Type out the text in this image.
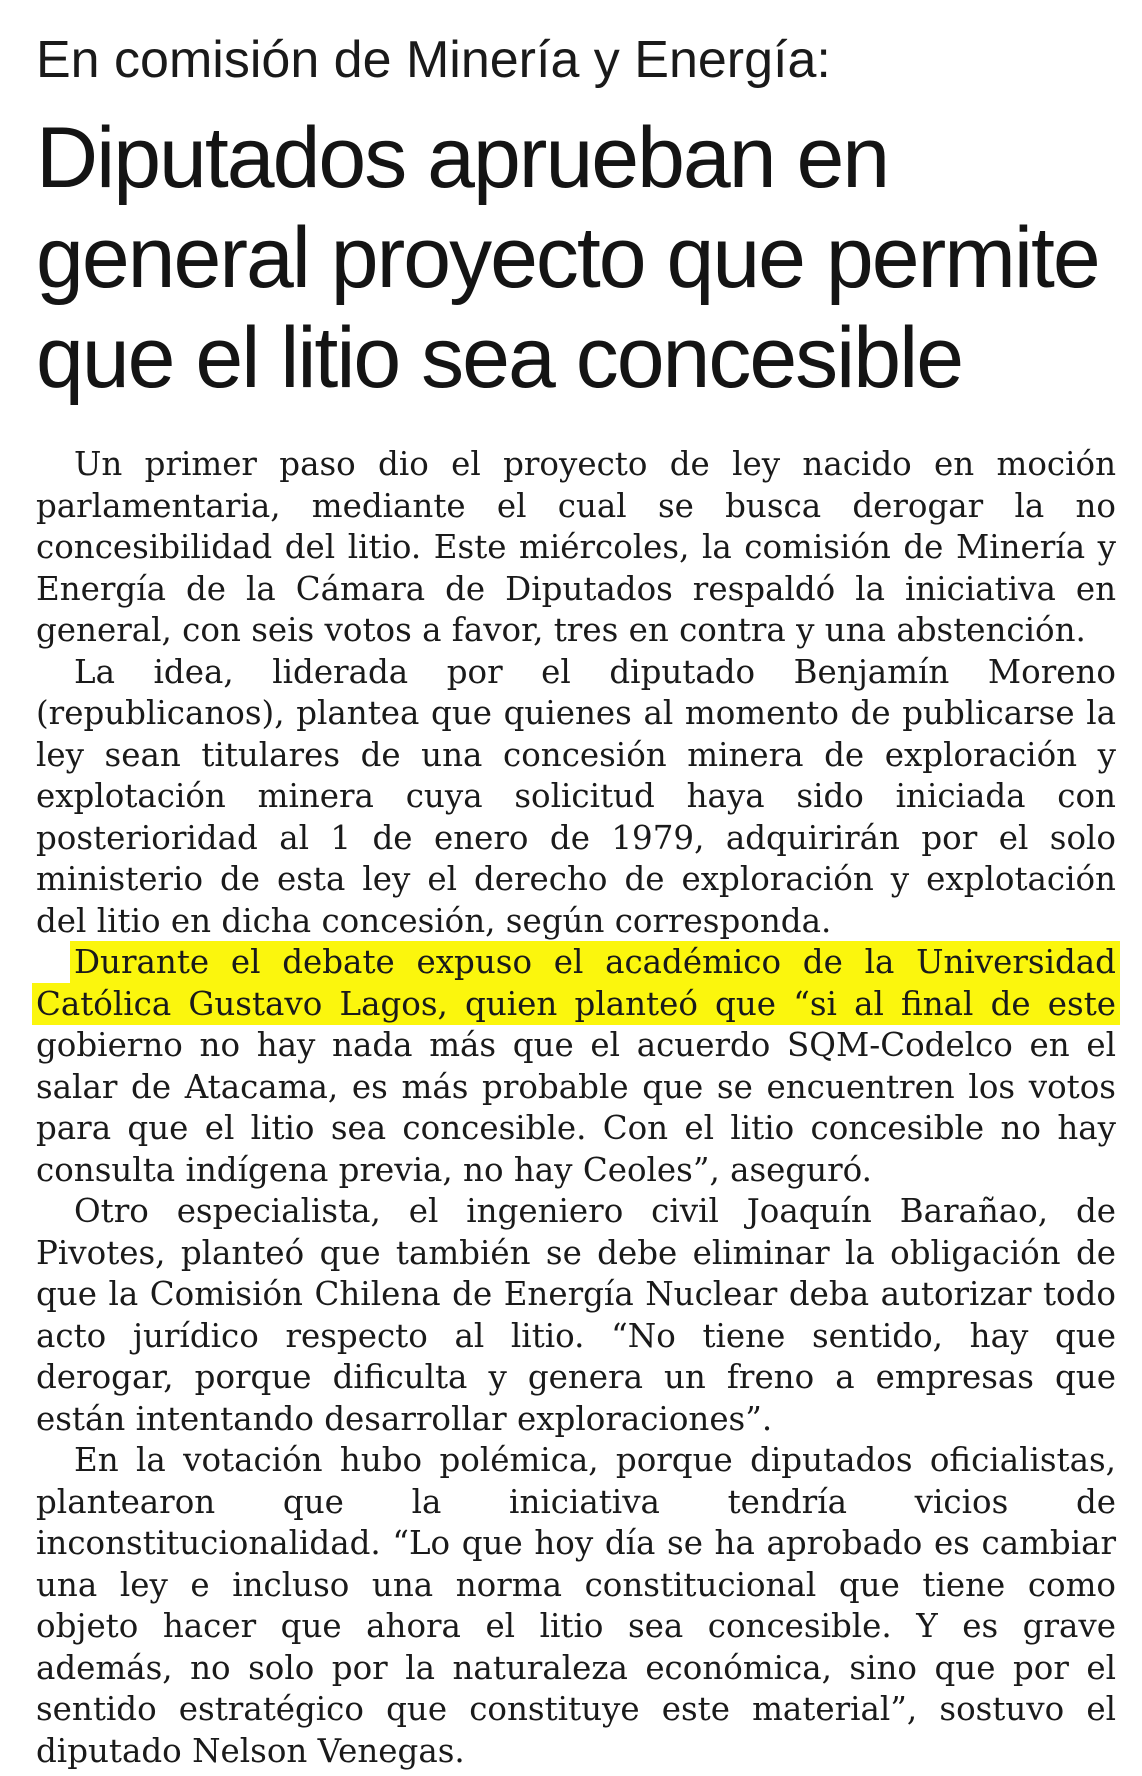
En comisión de Minería y Energía:
Diputados aprueban en general proyecto que permite que el litio sea concesible

Un primer paso dio el proyecto de ley nacido en moción parlamentaria, mediante el cual se busca derogar la no concesibilidad del litio. Este miércoles, la comisión de Minería y Energía de la Cámara de Diputados respaldó la iniciativa en general, con seis votos a favor, tres en contra y una abstención.

La idea, liderada por el diputado Benjamín Moreno (republicanos), plantea que quienes al momento de publicarse la ley sean titulares de una concesión minera de exploración y explotación minera cuya solicitud haya sido iniciada con posterioridad al 1 de enero de 1979, adquirirán por el solo ministerio de esta ley el derecho de exploración y explotación del litio en dicha concesión, según corresponda.

Durante el debate expuso el académico de la Universidad Católica Gustavo Lagos, quien planteó que “si al final de este gobierno no hay nada más que el acuerdo SQM-Codelco en el salar de Atacama, es más probable que se encuentren los votos para que el litio sea concesible. Con el litio concesible no hay consulta indígena previa, no hay Ceoles”, aseguró.

Otro especialista, el ingeniero civil Joaquín Barañao, de Pivotes, planteó que también se debe eliminar la obligación de que la Comisión Chilena de Energía Nuclear deba autorizar todo acto jurídico respecto al litio. “No tiene sentido, hay que derogar, porque dificulta y genera un freno a empresas que están intentando desarrollar exploraciones”.

En la votación hubo polémica, porque diputados oficialistas, plantearon que la iniciativa tendría vicios de inconstitucionalidad. “Lo que hoy día se ha aprobado es cambiar una ley e incluso una norma constitucional que tiene como objeto hacer que ahora el litio sea concesible. Y es grave además, no solo por la naturaleza económica, sino que por el sentido estratégico que constituye este material”, sostuvo el diputado Nelson Venegas.
